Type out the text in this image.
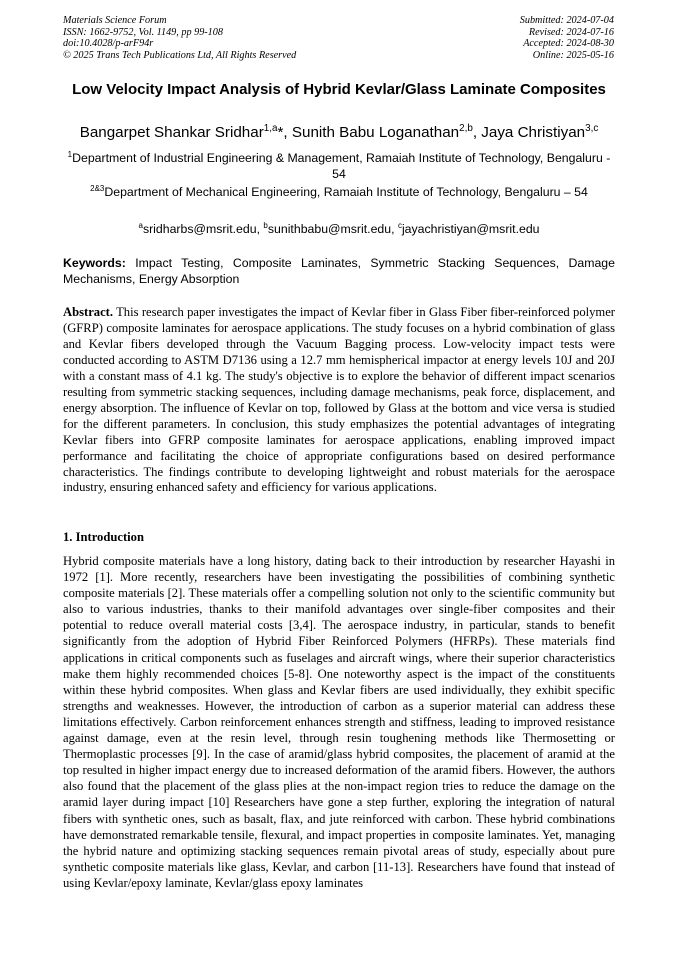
Materials Science Forum
ISSN: 1662-9752, Vol. 1149, pp 99-108
doi:10.4028/p-arF94r
© 2025 Trans Tech Publications Ltd, All Rights Reserved
Submitted: 2024-07-04
Revised: 2024-07-16
Accepted: 2024-08-30
Online: 2025-05-16
Low Velocity Impact Analysis of Hybrid Kevlar/Glass Laminate Composites
Bangarpet Shankar Sridhar$^{1,a}$*, Sunith Babu Loganathan$^{2,b}$, Jaya Christiyan$^{3,c}$
$^1$Department of Industrial Engineering & Management, Ramaiah Institute of Technology, Bengaluru - 54
$^{2\&3}$Department of Mechanical Engineering, Ramaiah Institute of Technology, Bengaluru – 54
$^a$sridharbs@msrit.edu, $^b$sunithbabu@msrit.edu, $^c$jayachristiyan@msrit.edu
Keywords: Impact Testing, Composite Laminates, Symmetric Stacking Sequences, Damage Mechanisms, Energy Absorption
Abstract. This research paper investigates the impact of Kevlar fiber in Glass Fiber fiber-reinforced polymer (GFRP) composite laminates for aerospace applications. The study focuses on a hybrid combination of glass and Kevlar fibers developed through the Vacuum Bagging process. Low-velocity impact tests were conducted according to ASTM D7136 using a 12.7 mm hemispherical impactor at energy levels 10J and 20J with a constant mass of 4.1 kg. The study's objective is to explore the behavior of different impact scenarios resulting from symmetric stacking sequences, including damage mechanisms, peak force, displacement, and energy absorption. The influence of Kevlar on top, followed by Glass at the bottom and vice versa is studied for the different parameters. In conclusion, this study emphasizes the potential advantages of integrating Kevlar fibers into GFRP composite laminates for aerospace applications, enabling improved impact performance and facilitating the choice of appropriate configurations based on desired performance characteristics. The findings contribute to developing lightweight and robust materials for the aerospace industry, ensuring enhanced safety and efficiency for various applications.
1. Introduction
Hybrid composite materials have a long history, dating back to their introduction by researcher Hayashi in 1972 [1]. More recently, researchers have been investigating the possibilities of combining synthetic composite materials [2]. These materials offer a compelling solution not only to the scientific community but also to various industries, thanks to their manifold advantages over single-fiber composites and their potential to reduce overall material costs [3,4]. The aerospace industry, in particular, stands to benefit significantly from the adoption of Hybrid Fiber Reinforced Polymers (HFRPs). These materials find applications in critical components such as fuselages and aircraft wings, where their superior characteristics make them highly recommended choices [5-8]. One noteworthy aspect is the impact of the constituents within these hybrid composites. When glass and Kevlar fibers are used individually, they exhibit specific strengths and weaknesses. However, the introduction of carbon as a superior material can address these limitations effectively. Carbon reinforcement enhances strength and stiffness, leading to improved resistance against damage, even at the resin level, through resin toughening methods like Thermosetting or Thermoplastic processes [9]. In the case of aramid/glass hybrid composites, the placement of aramid at the top resulted in higher impact energy due to increased deformation of the aramid fibers. However, the authors also found that the placement of the glass plies at the non-impact region tries to reduce the damage on the aramid layer during impact [10] Researchers have gone a step further, exploring the integration of natural fibers with synthetic ones, such as basalt, flax, and jute reinforced with carbon. These hybrid combinations have demonstrated remarkable tensile, flexural, and impact properties in composite laminates. Yet, managing the hybrid nature and optimizing stacking sequences remain pivotal areas of study, especially about pure synthetic composite materials like glass, Kevlar, and carbon [11-13]. Researchers have found that instead of using Kevlar/epoxy laminate, Kevlar/glass epoxy laminates
